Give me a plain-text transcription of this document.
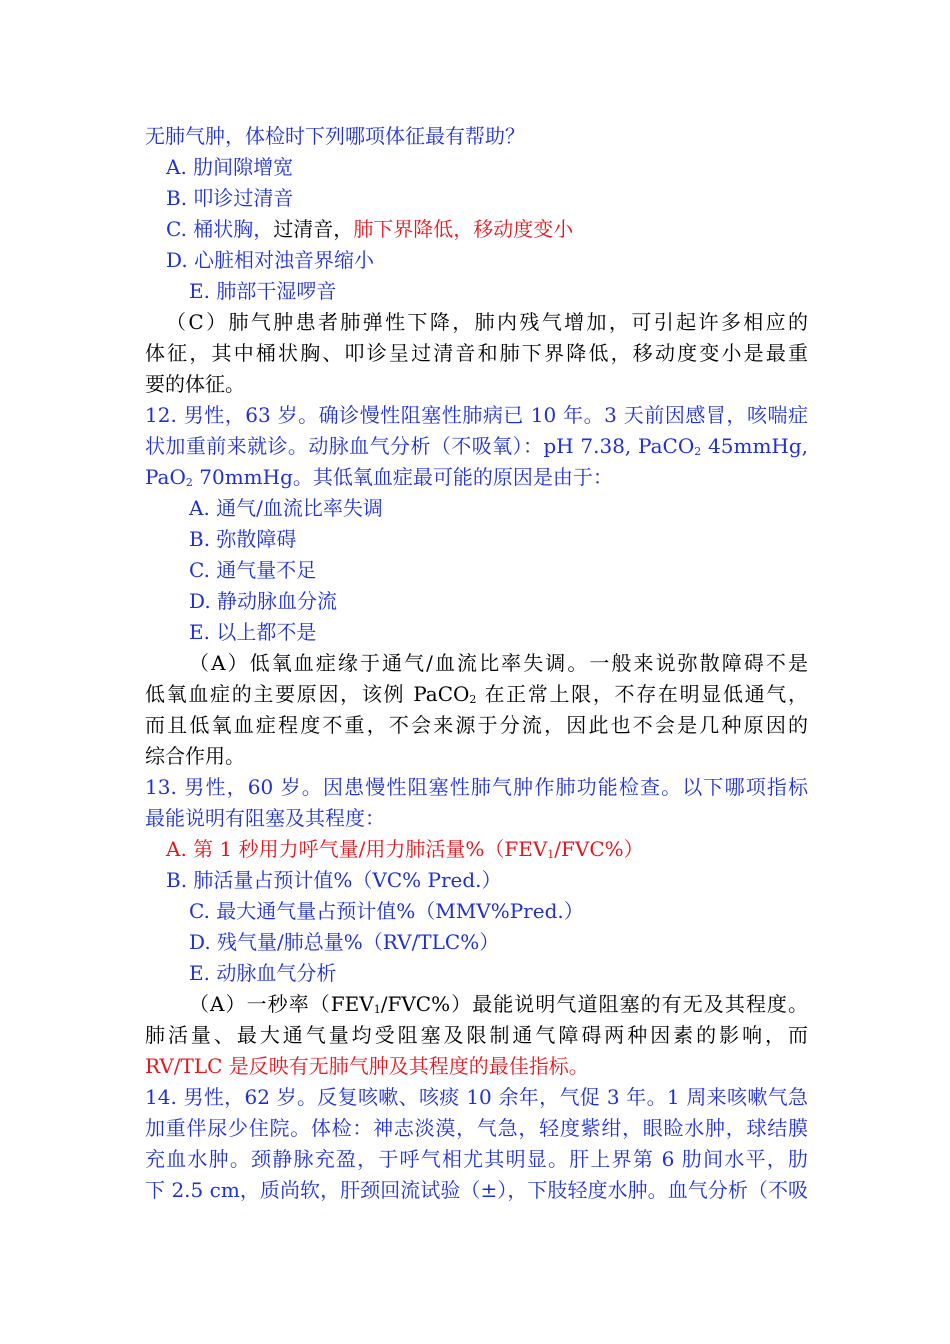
无肺气肿，体检时下列哪项体征最有帮助？
A. 肋间隙增宽
B. 叩诊过清音
C. 桶状胸，过清音，肺下界降低，移动度变小
D. 心脏相对浊音界缩小
E. 肺部干湿啰音
（C）肺气肿患者肺弹性下降，肺内残气增加，可引起许多相应的
体征，其中桶状胸、叩诊呈过清音和肺下界降低，移动度变小是最重
要的体征。
12. 男性，63 岁。确诊慢性阻塞性肺病已 10 年。3 天前因感冒，咳喘症
状加重前来就诊。动脉血气分析（不吸氧）：pH 7.38, PaCO$_2$ 45mmHg,
PaO$_2$ 70mmHg。其低氧血症最可能的原因是由于：
A. 通气/血流比率失调
B. 弥散障碍
C. 通气量不足
D. 静动脉血分流
E. 以上都不是
（A）低氧血症缘于通气/血流比率失调。一般来说弥散障碍不是
低氧血症的主要原因，该例 PaCO$_2$ 在正常上限，不存在明显低通气，
而且低氧血症程度不重，不会来源于分流，因此也不会是几种原因的
综合作用。
13. 男性，60 岁。因患慢性阻塞性肺气肿作肺功能检查。以下哪项指标
最能说明有阻塞及其程度：
A. 第 1 秒用力呼气量/用力肺活量$\%(FEV_1/FVC\%)$
B. 肺活量占预计值%（VC% Pred.）
C. 最大通气量占预计值%（MMV%Pred.）
D. 残气量/肺总量%（RV/TLC%）
E. 动脉血气分析
（A）一秒率$(FEV_1/FVC\%)$最能说明气道阻塞的有无及其程度。
肺活量、最大通气量均受阻塞及限制通气障碍两种因素的影响，而
RV/TLC 是反映有无肺气肿及其程度的最佳指标。
14. 男性，62 岁。反复咳嗽、咳痰 10 余年，气促 3 年。1 周来咳嗽气急
加重伴尿少住院。体检：神志淡漠，气急，轻度紫绀，眼睑水肿，球结膜
充血水肿。颈静脉充盈，于呼气相尤其明显。肝上界第 6 肋间水平，肋
下 2.5 cm，质尚软，肝颈回流试验（±），下肢轻度水肿。血气分析（不吸
